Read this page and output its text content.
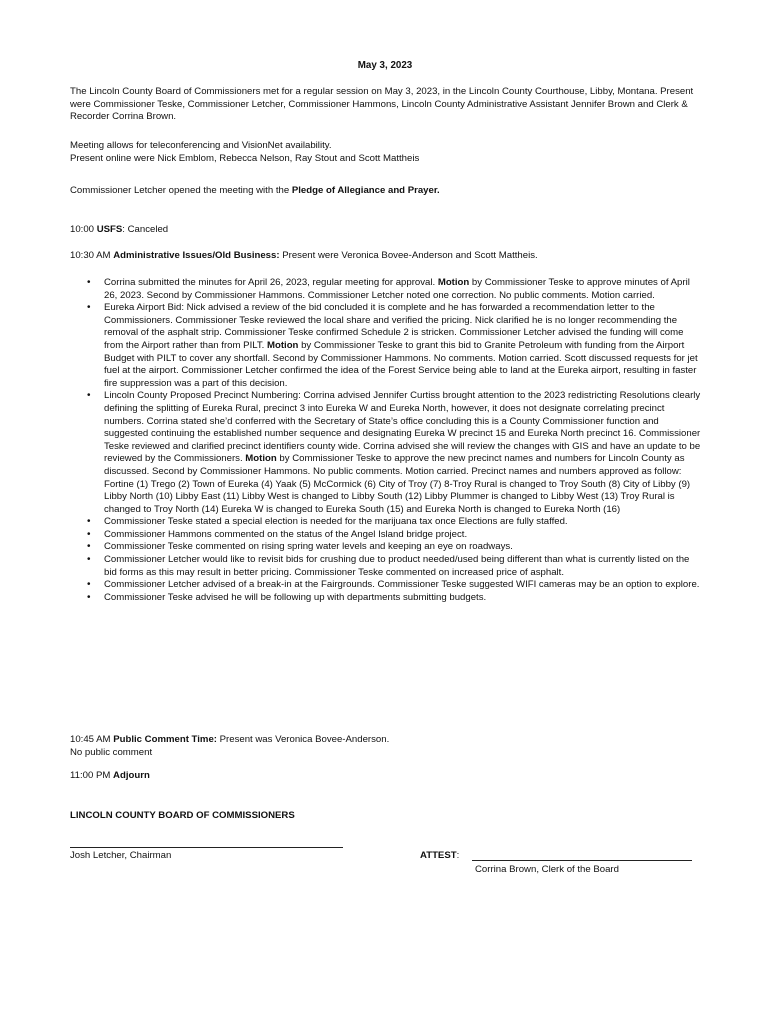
May 3, 2023

The Lincoln County Board of Commissioners met for a regular session on May 3, 2023, in the Lincoln County Courthouse, Libby, Montana. Present were Commissioner Teske, Commissioner Letcher, Commissioner Hammons, Lincoln County Administrative Assistant Jennifer Brown and Clerk & Recorder Corrina Brown.

Meeting allows for teleconferencing and VisionNet availability.
Present online were Nick Emblom, Rebecca Nelson, Ray Stout and Scott Mattheis
Commissioner Letcher opened the meeting with the Pledge of Allegiance and Prayer.
10:00 USFS: Canceled
10:30 AM Administrative Issues/Old Business: Present were Veronica Bovee-Anderson and Scott Mattheis.
• Corrina submitted the minutes for April 26, 2023, regular meeting for approval. Motion by Commissioner Teske to approve minutes of April 26, 2023. Second by Commissioner Hammons. Commissioner Letcher noted one correction. No public comments. Motion carried.
• Eureka Airport Bid: Nick advised a review of the bid concluded it is complete and he has forwarded a recommendation letter to the Commissioners. Commissioner Teske reviewed the local share and verified the pricing. Nick clarified he is no longer recommending the removal of the asphalt strip. Commissioner Teske confirmed Schedule 2 is stricken. Commissioner Letcher advised the funding will come from the Airport rather than from PILT. Motion by Commissioner Teske to grant this bid to Granite Petroleum with funding from the Airport Budget with PILT to cover any shortfall. Second by Commissioner Hammons. No comments. Motion carried. Scott discussed requests for jet fuel at the airport. Commissioner Letcher confirmed the idea of the Forest Service being able to land at the Eureka airport, resulting in faster fire suppression was a part of this decision.
• Lincoln County Proposed Precinct Numbering: Corrina advised Jennifer Curtiss brought attention to the 2023 redistricting Resolutions clearly defining the splitting of Eureka Rural, precinct 3 into Eureka W and Eureka North, however, it does not designate correlating precinct numbers. Corrina stated she’d conferred with the Secretary of State’s office concluding this is a County Commissioner function and suggested continuing the established number sequence and designating Eureka W precinct 15 and Eureka North precinct 16. Commissioner Teske reviewed and clarified precinct identifiers county wide. Corrina advised she will review the changes with GIS and have an update to be reviewed by the Commissioners. Motion by Commissioner Teske to approve the new precinct names and numbers for Lincoln County as discussed. Second by Commissioner Hammons. No public comments. Motion carried. Precinct names and numbers approved as follow: Fortine (1) Trego (2) Town of Eureka (4) Yaak (5) McCormick (6) City of Troy (7) 8-Troy Rural is changed to Troy South (8) City of Libby (9) Libby North (10) Libby East (11) Libby West is changed to Libby South (12) Libby Plummer is changed to Libby West (13) Troy Rural is changed to Troy North (14) Eureka W is changed to Eureka South (15) and Eureka North is changed to Eureka North (16)
• Commissioner Teske stated a special election is needed for the marijuana tax once Elections are fully staffed.
• Commissioner Hammons commented on the status of the Angel Island bridge project.
• Commissioner Teske commented on rising spring water levels and keeping an eye on roadways.
• Commissioner Letcher would like to revisit bids for crushing due to product needed/used being different than what is currently listed on the bid forms as this may result in better pricing. Commissioner Teske commented on increased price of asphalt.
• Commissioner Letcher advised of a break-in at the Fairgrounds. Commissioner Teske suggested WIFI cameras may be an option to explore.
• Commissioner Teske advised he will be following up with departments submitting budgets.
10:45 AM Public Comment Time: Present was Veronica Bovee-Anderson.
No public comment
11:00 PM Adjourn
LINCOLN COUNTY BOARD OF COMMISSIONERS
Josh Letcher, Chairman	ATTEST:
Corrina Brown, Clerk of the Board
